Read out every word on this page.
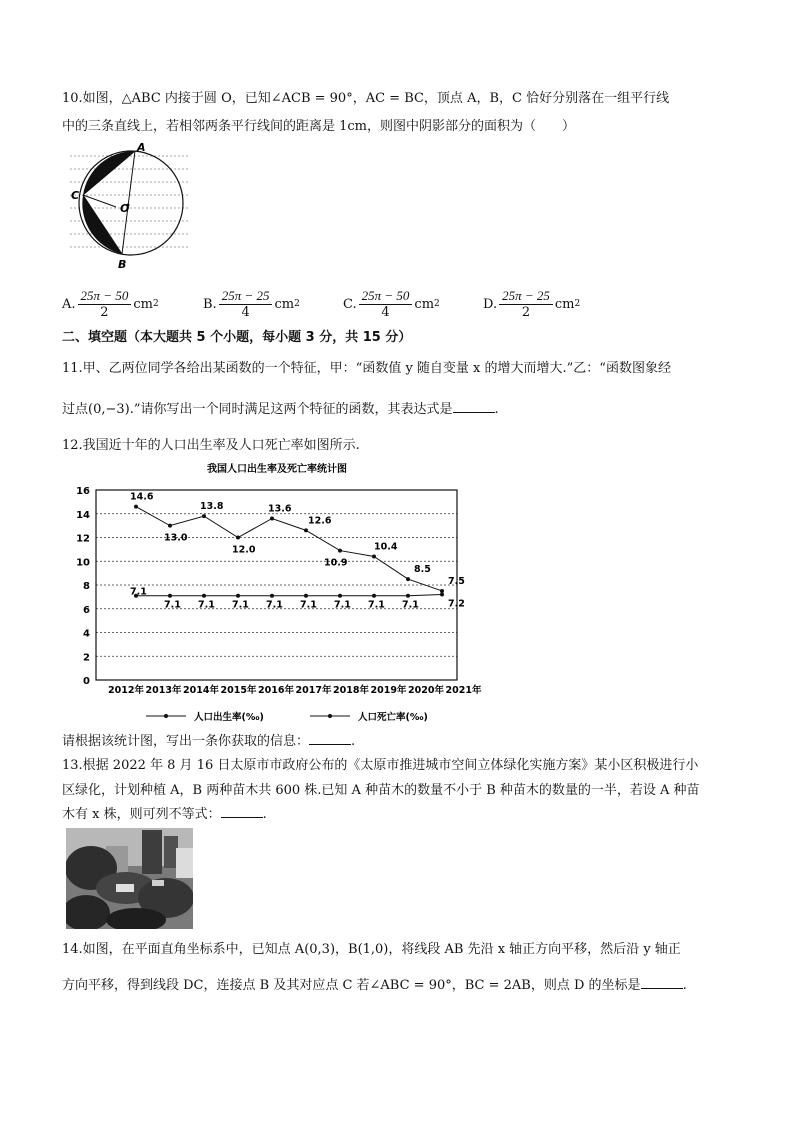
10.如图，△ABC 内接于圆 O，已知∠ACB = 90°，AC = BC，顶点 A，B，C 恰好分别落在一组平行线
中的三条直线上，若相邻两条平行线间的距离是 1cm，则图中阴影部分的面积为（　　）
A
C
B
O
A. $\frac{25\pi - 50}{2}$ cm 2	B. $\frac{25\pi - 25}{4}$ cm 2	C. $\frac{25\pi - 50}{4}$ cm 2	D. $\frac{25\pi - 25}{2}$ cm 2
二、填空题（本大题共 5 个小题，每小题 3 分，共 15 分）
11.甲、乙两位同学各给出某函数的一个特征，甲：“函数值 y 随自变量 x 的增大而增大.”乙：“函数图象经
过点(0,−3).”请你写出一个同时满足这两个特征的函数，其表达式是	.
12.我国近十年的人口出生率及人口死亡率如图所示.
我国人口出生率及死亡率统计图
0
2
4
6
8
10
12
14
16
2012年 2013年 2014年 2015年 2016年 2017年 2018年 2019年 2020年 2021年
14.6
13.0
13.8
12.0
13.6
12.6
10.9
10.4
8.5
7.5
7.1
7.1 7.1 7.1 7.1 7.1 7.1 7.1 7.1	7.2
人口出生率(‰)	人口死亡率(‰)
请根据该统计图，写出一条你获取的信息：	.
13.根据 2022 年 8 月 16 日太原市市政府公布的《太原市推进城市空间立体绿化实施方案》某小区积极进行小
区绿化，计划种植 A，B 两种苗木共 600 株.已知 A 种苗木的数量不小于 B 种苗木的数量的一半，若设 A 种苗
木有 x 株，则可列不等式：	.
14.如图，在平面直角坐标系中，已知点 A(0,3)，B(1,0)，将线段 AB 先沿 x 轴正方向平移，然后沿 y 轴正
方向平移，得到线段 DC，连接点 B 及其对应点 C 若∠ABC = 90°，BC = 2AB，则点 D 的坐标是	.
